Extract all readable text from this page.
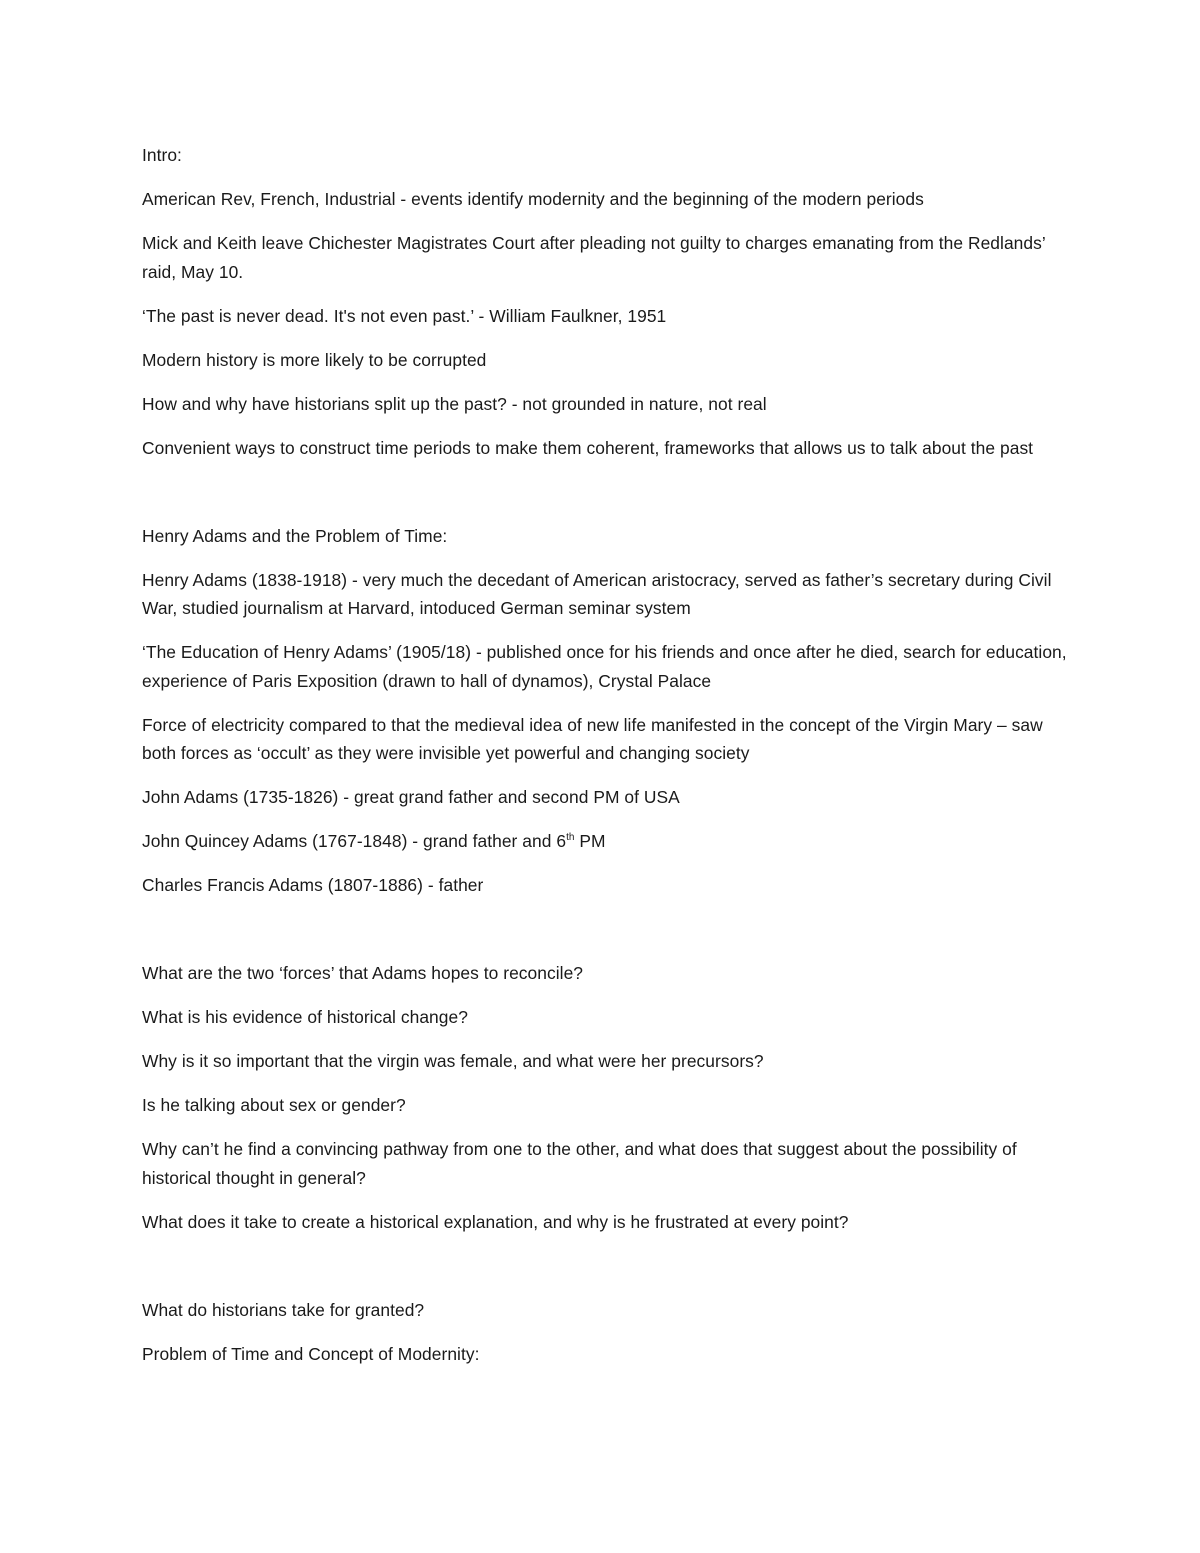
Intro:

American Rev, French, Industrial - events identify modernity and the beginning of the modern periods

Mick and Keith leave Chichester Magistrates Court after pleading not guilty to charges emanating from the Redlands’ raid, May 10.

‘The past is never dead. It's not even past.’ - William Faulkner, 1951

Modern history is more likely to be corrupted

How and why have historians split up the past? - not grounded in nature, not real

Convenient ways to construct time periods to make them coherent, frameworks that allows us to talk about the past

Henry Adams and the Problem of Time:

Henry Adams (1838-1918) - very much the decedant of American aristocracy, served as father’s secretary during Civil War, studied journalism at Harvard, intoduced German seminar system

‘The Education of Henry Adams’ (1905/18) - published once for his friends and once after he died, search for education, experience of Paris Exposition (drawn to hall of dynamos), Crystal Palace

Force of electricity compared to that the medieval idea of new life manifested in the concept of the Virgin Mary – saw both forces as ‘occult’ as they were invisible yet powerful and changing society

John Adams (1735-1826) - great grand father and second PM of USA

John Quincey Adams (1767-1848) - grand father and 6th PM

Charles Francis Adams (1807-1886) - father

What are the two ‘forces’ that Adams hopes to reconcile?

What is his evidence of historical change?

Why is it so important that the virgin was female, and what were her precursors?

Is he talking about sex or gender?

Why can’t he find a convincing pathway from one to the other, and what does that suggest about the possibility of historical thought in general?

What does it take to create a historical explanation, and why is he frustrated at every point?

What do historians take for granted?

Problem of Time and Concept of Modernity:
